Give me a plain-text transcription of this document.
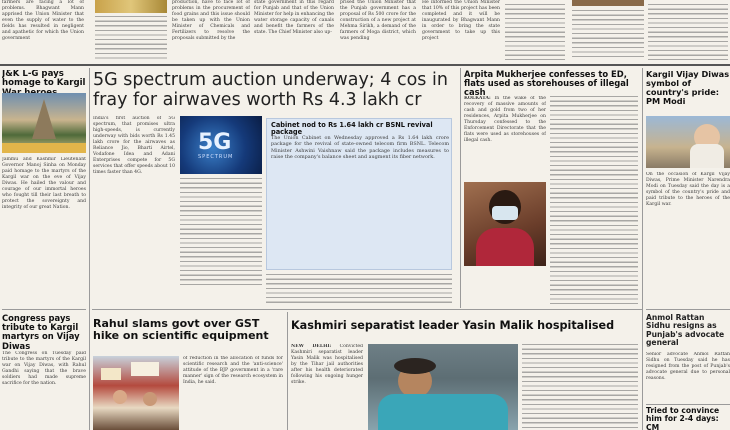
farmers are facing a lot of problems. Bhagwant Mann apprised the Union Minister that even the supply of water to the fields has resulted in negligent and apathetic for which the Union government
production, have to face lot of problems in the procurement of food grains and this issue should be taken up with the Union Minister of Chemicals and Fertilizers to resolve the proposals submitted by the
state government in this regard for Punjab and that of the Union Minister for help in enhancing the water storage capacity of canals and benefit the farmers of the state. The Chief Minister also up-
prised the Union Minister that the Punjab government has a proposal of Rs 500 crore for the construction of a new project at Mehma Sirikh, a demand of the farmers of Moga district, which was pending
He informed the Union Minister that 10% of this project has been completed and it will be inaugurated by Bhagwant Mann in order to bring the state government to take up this project
J&K L-G pays homage to Kargil
Jammu and Kashmir Lieutenant Governor Manoj Sinha on Monday paid homage to the martyrs of the Kargil war on the eve of Vijay Diwas. He hailed the valour and courage of our immortal heroes who fought till their last breath to protect the sovereignty and integrity of our great Nation.
Congress pays tribute to Kargil martyrs on Vijay Diwas
The Congress on Tuesday paid tribute to the martyrs of the Kargil war on Vijay Diwas, with Rahul Gandhi saying that the brave soldiers had made supreme sacrifice for the nation.
5G spectrum auction underway; 4 cos in fray for airwaves worth Rs 4.3 lakh cr
India's first auction of 5G spectrum, that promises ultra high-speeds, is currently underway with bids worth Rs 1.45 lakh crore for the airwaves as Reliance Jio, Bharti Airtel, Vodafone Idea and Adani Enterprises compete for 5G services that offer speeds about 10 times faster than 4G.
5G
SPECTRUM
Cabinet nod to Rs 1.64 lakh cr BSNL revival package
The Union Cabinet on Wednesday approved a Rs 1.64 lakh crore package for the revival of state-owned telecom firm BSNL. Telecom Minister Ashwini Vaishnaw said the package includes measures to raise the company's balance sheet and augment its fiber network.
Arpita Mukherjee confesses to ED, flats used as storehouses of illegal cash
KOLKATA: In the wake of the recovery of massive amounts of cash and gold from two of her residences, Arpita Mukherjee on Thursday confessed to the Enforcement Directorate that the flats were used as storehouses of illegal cash.
Kargil Vijay Diwas symbol of country's pride: PM Modi
On the occasion of Kargil Vijay Diwas, Prime Minister Narendra Modi on Tuesday said the day is a symbol of the country's pride and paid tribute to the heroes of the Kargil war.
Anmol Rattan Sidhu resigns as Punjab's advocate general
Senior advocate Anmol Rattan Sidhu on Tuesday said he has resigned from the post of Punjab's advocate general due to personal reasons.
Tried to convince him for 2-4 days: CM
Rahul slams govt over GST hike on scientific equipment
of reduction in the allocation of funds for scientific research and the 'anti-science' attitude of the BJP government in a 'rare manner' sign of the research ecosystem in India, he said.
Kashmiri separatist leader Yasin Malik hospitalised
NEW DELHI: Convicted Kashmiri separatist leader Yasin Malik was hospitalised by the Tihar jail authorities after his health deteriorated following his ongoing hunger strike.
